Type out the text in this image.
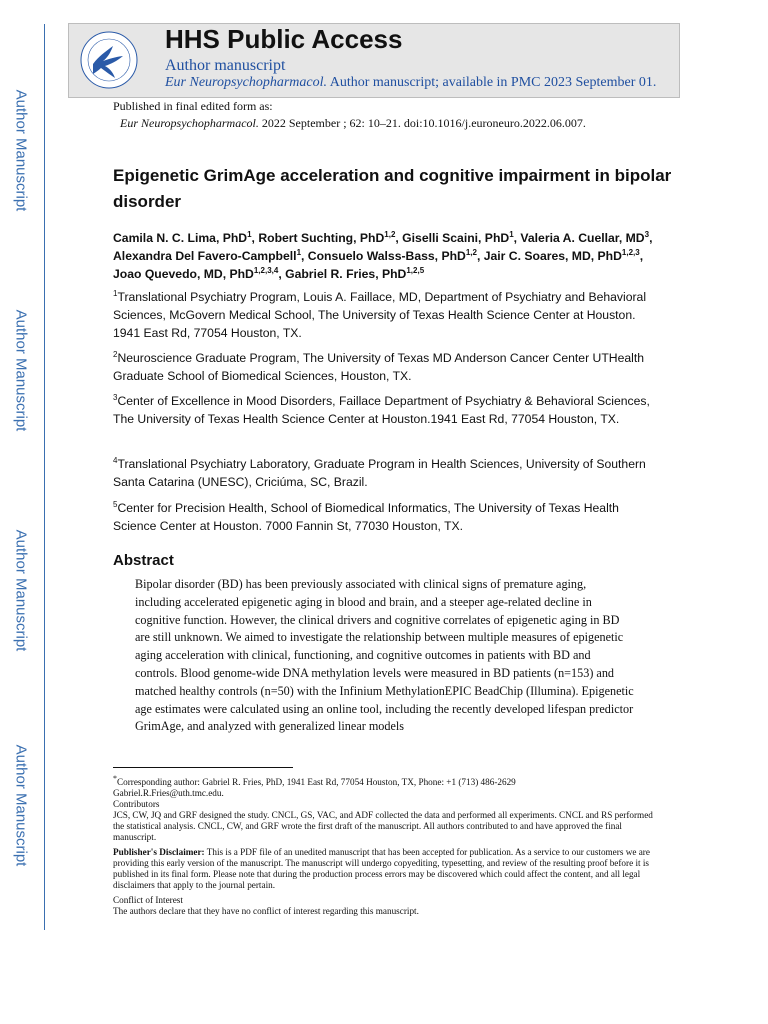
Author Manuscript
Author Manuscript
Author Manuscript
Author Manuscript
HHS Public Access
Author manuscript
Eur Neuropsychopharmacol. Author manuscript; available in PMC 2023 September 01.
Published in final edited form as:
Eur Neuropsychopharmacol. 2022 September ; 62: 10–21. doi:10.1016/j.euroneuro.2022.06.007.
Epigenetic GrimAge acceleration and cognitive impairment in bipolar disorder
Camila N. C. Lima, PhD$^1$, Robert Suchting, PhD$^{1,2}$, Giselli Scaini, PhD$^1$, Valeria A. Cuellar, $MD^3$, Alexandra Del Favero-Campbell$^1$, Consuelo Walss-Bass, PhD$^{1,2}$, Jair C. Soares, MD, PhD$^{1,2,3}$, Joao Quevedo, MD, PhD$^{1,2,3,4}$, Gabriel R. Fries, PhD$^{1,2,5}$
$^1$Translational Psychiatry Program, Louis A. Faillace, MD, Department of Psychiatry and Behavioral Sciences, McGovern Medical School, The University of Texas Health Science Center at Houston. 1941 East Rd, 77054 Houston, TX.
$^2$Neuroscience Graduate Program, The University of Texas MD Anderson Cancer Center UTHealth Graduate School of Biomedical Sciences, Houston, TX.
$^3$Center of Excellence in Mood Disorders, Faillace Department of Psychiatry & Behavioral Sciences, The University of Texas Health Science Center at Houston.1941 East Rd, 77054 Houston, TX.
$^4$Translational Psychiatry Laboratory, Graduate Program in Health Sciences, University of Southern Santa Catarina (UNESC), Criciúma, SC, Brazil.
$^5$Center for Precision Health, School of Biomedical Informatics, The University of Texas Health Science Center at Houston. 7000 Fannin St, 77030 Houston, TX.
Abstract
Bipolar disorder (BD) has been previously associated with clinical signs of premature aging, including accelerated epigenetic aging in blood and brain, and a steeper age-related decline in cognitive function. However, the clinical drivers and cognitive correlates of epigenetic aging in BD are still unknown. We aimed to investigate the relationship between multiple measures of epigenetic aging acceleration with clinical, functioning, and cognitive outcomes in patients with BD and controls. Blood genome-wide DNA methylation levels were measured in BD patients (n=153) and matched healthy controls (n=50) with the Infinium MethylationEPIC BeadChip (Illumina). Epigenetic age estimates were calculated using an online tool, including the recently developed lifespan predictor GrimAge, and analyzed with generalized linear models

*Corresponding author: Gabriel R. Fries, PhD, 1941 East Rd, 77054 Houston, TX, Phone: +1 (713) 486-2629

Gabriel.R.Fries@uth.tmc.edu.

Contributors

JCS, CW, JQ and GRF designed the study. CNCL, GS, VAC, and ADF collected the data and performed all experiments. CNCL and RS performed the statistical analysis. CNCL, CW, and GRF wrote the first draft of the manuscript. All authors contributed to and have approved the final manuscript.

Publisher's Disclaimer: This is a PDF file of an unedited manuscript that has been accepted for publication. As a service to our customers we are providing this early version of the manuscript. The manuscript will undergo copyediting, typesetting, and review of the resulting proof before it is published in its final form. Please note that during the production process errors may be discovered which could affect the content, and all legal disclaimers that apply to the journal pertain.

Conflict of Interest

The authors declare that they have no conflict of interest regarding this manuscript.
